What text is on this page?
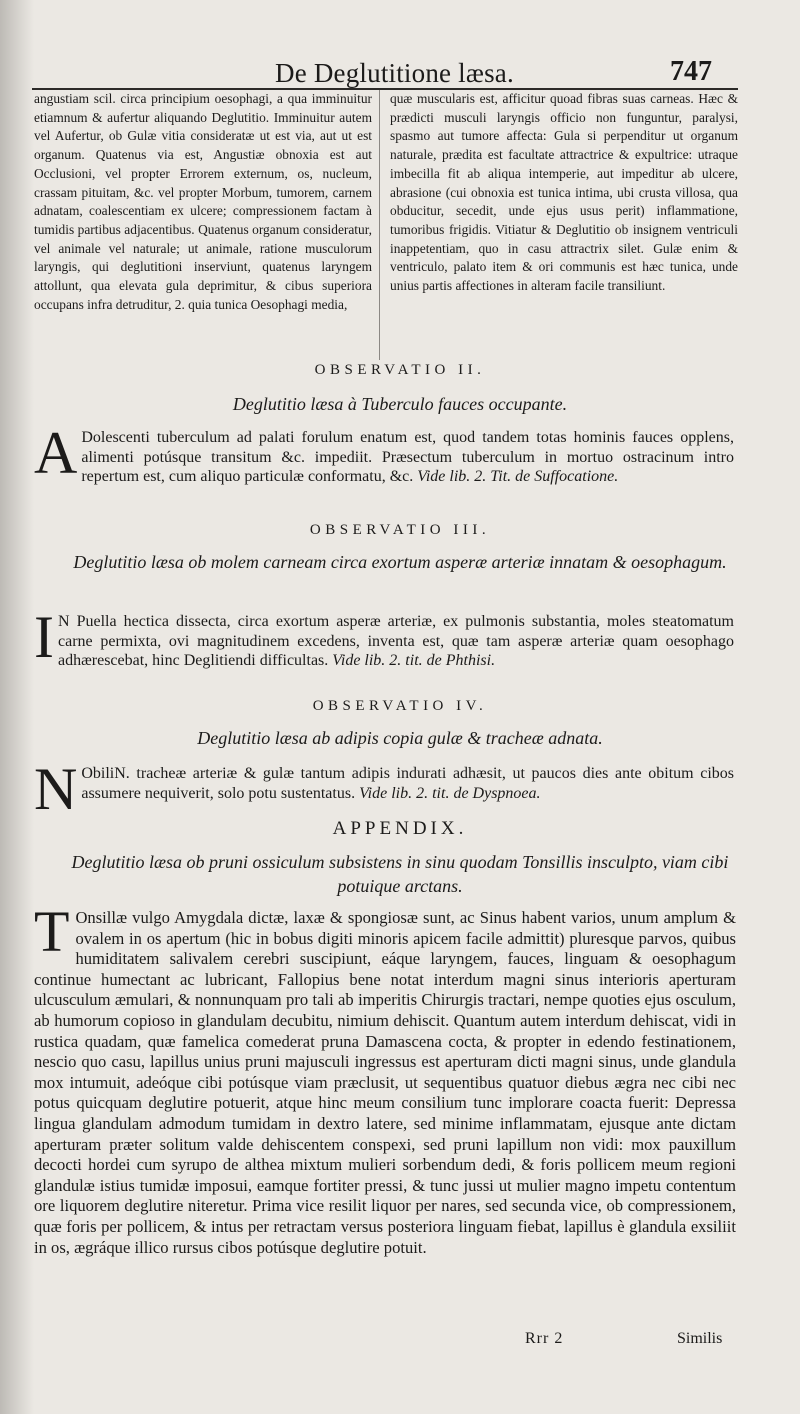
De Deglutitione læsa.	747

angustiam scil. circa principium oesophagi, a qua imminuitur etiamnum & aufertur aliquando Deglutitio. Imminuitur autem vel Aufertur, ob Gulæ vitia consideratæ ut est via, aut ut est organum. Quatenus via est, Angustiæ obnoxia est aut Occlusioni, vel propter Errorem externum, os, nucleum, crassam pituitam, &c. vel propter Morbum, tumorem, carnem adnatam, coalescentiam ex ulcere; compressionem factam à tumidis partibus adjacentibus. Quatenus organum consideratur, vel animale vel naturale; ut animale, ratione musculorum laryngis, qui deglutitioni inserviunt, quatenus laryngem attollunt, qua elevata gula deprimitur, & cibus superiora occupans infra detruditur, 2. quia tunica Oesophagi media,

quæ muscularis est, afficitur quoad fibras suas carneas. Hæc & prædicti musculi laryngis officio non funguntur, paralysi, spasmo aut tumore affecta: Gula si perpenditur ut organum naturale, prædita est facultate attractrice & expultrice: utraque imbecilla fit ab aliqua intemperie, aut impeditur ab ulcere, abrasione (cui obnoxia est tunica intima, ubi crusta villosa, qua obducitur, secedit, unde ejus usus perit) inflammatione, tumoribus frigidis. Vitiatur & Deglutitio ob insignem ventriculi inappetentiam, quo in casu attractrix silet. Gulæ enim & ventriculo, palato item & ori communis est hæc tunica, unde unius partis affectiones in alteram facile transiliunt.

OBSERVATIO II.
Deglutitio læsa à Tuberculo fauces occupante.

A Dolescenti tuberculum ad palati forulum enatum est, quod tandem totas hominis fauces opplens, alimenti potúsque transitum &c. impediit. Præsectum tuberculum in mortuo ostracinum intro repertum est, cum aliquo particulæ conformatu, &c. Vide lib. 2. Tit. de Suffocatione.

OBSERVATIO III.
Deglutitio læsa ob molem carneam circa exortum asperæ arteriæ innatam & oesophagum.

I N Puella hectica dissecta, circa exortum asperæ arteriæ, ex pulmonis substantia, moles steatomatum carne permixta, ovi magnitudinem excedens, inventa est, quæ tam asperæ arteriæ quam oesophago adhærescebat, hinc Deglitiendi difficultas. Vide lib. 2. tit. de Phthisi.

OBSERVATIO IV.
Deglutitio læsa ab adipis copia gulæ & tracheæ adnata.

N ObiliN. tracheæ arteriæ & gulæ tantum adipis indurati adhæsit, ut paucos dies ante obitum cibos assumere nequiverit, solo potu sustentatus. Vide lib. 2. tit. de Dyspnoea.

APPENDIX.
Deglutitio læsa ob pruni ossiculum subsistens in sinu quodam Tonsillis insculpto, viam cibi potuique arctans.

T Onsillæ vulgo Amygdala dictæ, laxæ & spongiosæ sunt, ac Sinus habent varios, unum amplum & ovalem in os apertum (hic in bobus digiti minoris apicem facile admittit) pluresque parvos, quibus humiditatem salivalem cerebri suscipiunt, eáque laryngem, fauces, linguam & oesophagum continue humectant ac lubricant, Fallopius bene notat interdum magni sinus interioris aperturam ulcusculum æmulari, & nonnunquam pro tali ab imperitis Chirurgis tractari, nempe quoties ejus osculum, ab humorum copioso in glandulam decubitu, nimium dehiscit. Quantum autem interdum dehiscat, vidi in rustica quadam, quæ famelica comederat pruna Damascena cocta, & propter in edendo festinationem, nescio quo casu, lapillus unius pruni majusculi ingressus est aperturam dicti magni sinus, unde glandula mox intumuit, adeóque cibi potúsque viam præclusit, ut sequentibus quatuor diebus ægra nec cibi nec potus quicquam deglutire potuerit, atque hinc meum consilium tunc implorare coacta fuerit: Depressa lingua glandulam admodum tumidam in dextro latere, sed minime inflammatam, ejusque ante dictam aperturam præter solitum valde dehiscentem conspexi, sed pruni lapillum non vidi: mox pauxillum decocti hordei cum syrupo de althea mixtum mulieri sorbendum dedi, & foris pollicem meum regioni glandulæ istius tumidæ imposui, eamque fortiter pressi, & tunc jussi ut mulier magno impetu contentum ore liquorem deglutire niteretur. Prima vice resilit liquor per nares, sed secunda vice, ob compressionem, quæ foris per pollicem, & intus per retractam versus posteriora linguam fiebat, lapillus è glandula exsiliit in os, ægráque illico rursus cibos potúsque deglutire potuit.

Rrr 2	Similis
